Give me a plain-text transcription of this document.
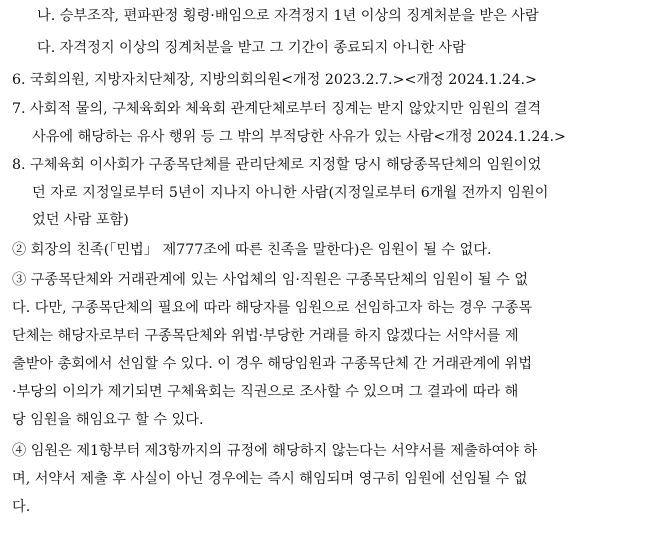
나. 승부조작, 편파판정 횡령·배임으로 자격정지 1년 이상의 징계처분을 받은 사람
다. 자격정지 이상의 징계처분을 받고 그 기간이 종료되지 아니한 사람
6. 국회의원, 지방자치단체장, 지방의회의원<개정 2023.2.7.><개정 2024.1.24.>
7. 사회적 물의, 구체육회와 체육회 관계단체로부터 징계는 받지 않았지만 임원의 결격
사유에 해당하는 유사 행위 등 그 밖의 부적당한 사유가 있는 사람<개정 2024.1.24.>
8. 구체육회 이사회가 구종목단체를 관리단체로 지정할 당시 해당종목단체의 임원이었
던 자로 지정일로부터 5년이 지나지 아니한 사람(지정일로부터 6개월 전까지 임원이
었던 사람 포함)
② 회장의 친족(「민법」 제777조에 따른 친족을 말한다)은 임원이 될 수 없다.
③ 구종목단체와 거래관계에 있는 사업체의 임·직원은 구종목단체의 임원이 될 수 없
다. 다만, 구종목단체의 필요에 따라 해당자를 임원으로 선임하고자 하는 경우 구종목
단체는 해당자로부터 구종목단체와 위법·부당한 거래를 하지 않겠다는 서약서를 제
출받아 총회에서 선임할 수 있다. 이 경우 해당임원과 구종목단체 간 거래관계에 위법
·부당의 이의가 제기되면 구체육회는 직권으로 조사할 수 있으며 그 결과에 따라 해
당 임원을 해임요구 할 수 있다.
④ 임원은 제1항부터 제3항까지의 규정에 해당하지 않는다는 서약서를 제출하여야 하
며, 서약서 제출 후 사실이 아닌 경우에는 즉시 해임되며 영구히 임원에 선임될 수 없
다.
